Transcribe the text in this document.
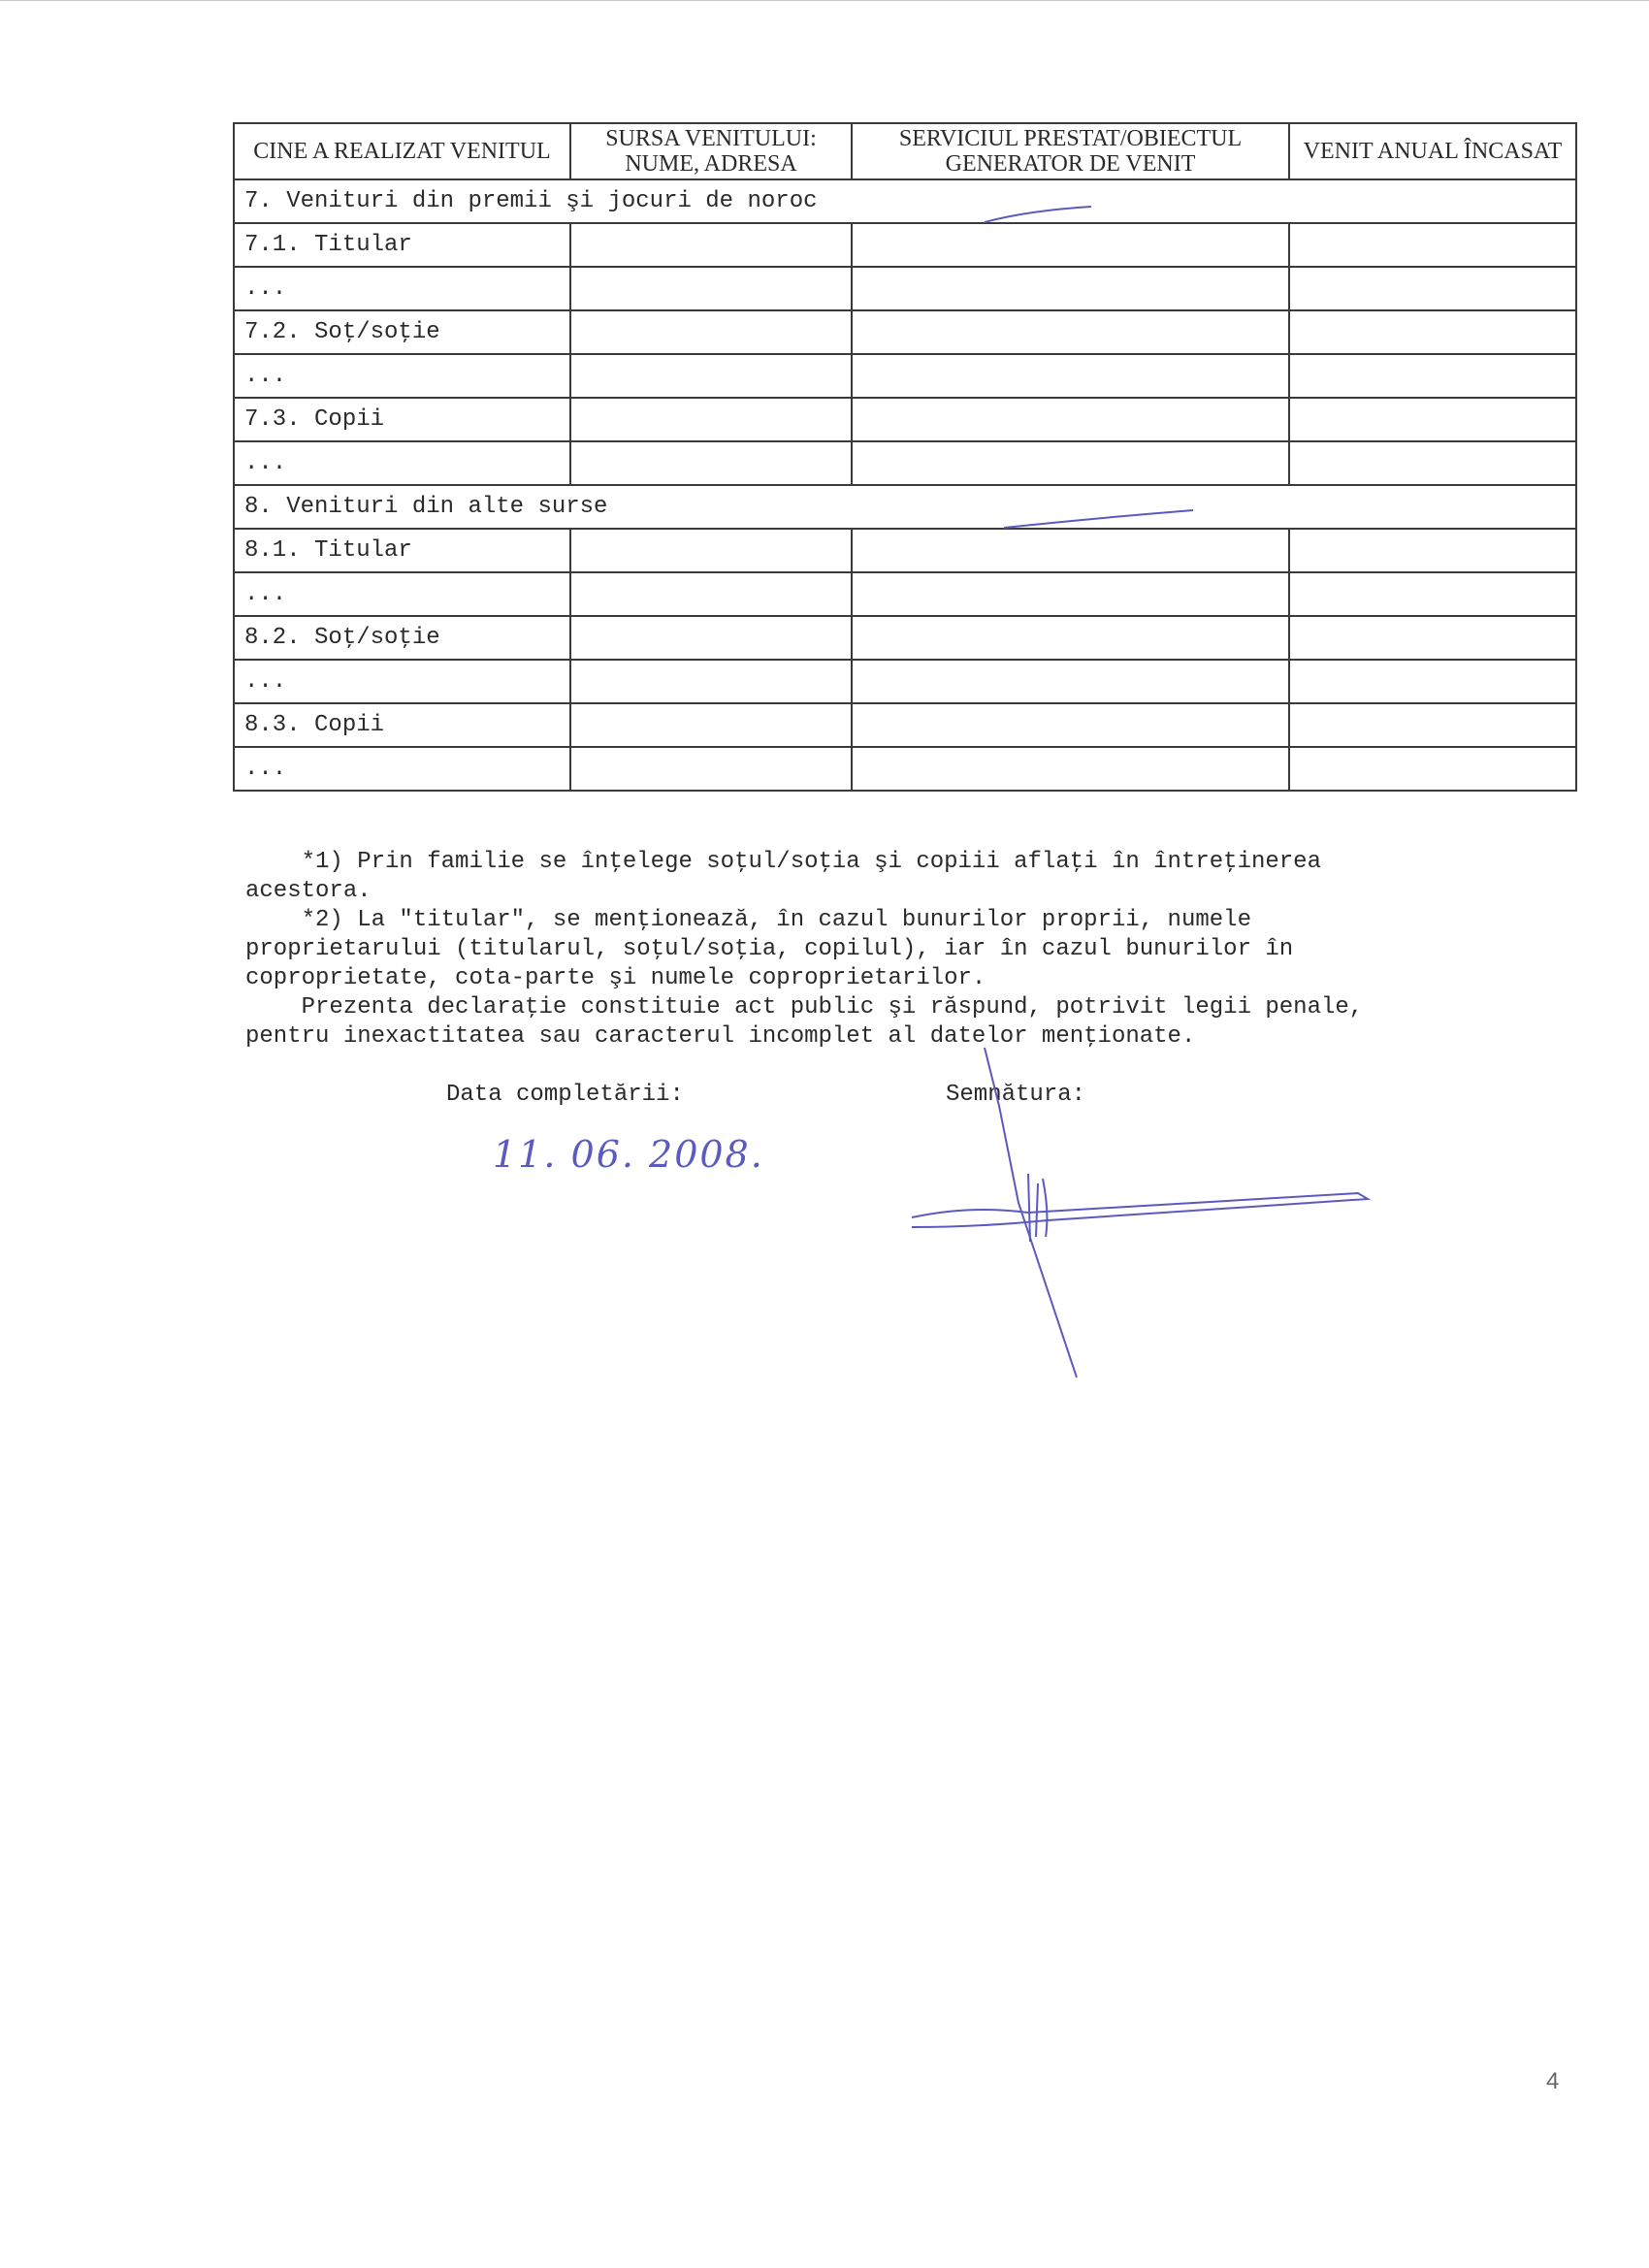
CINE A REALIZAT VENITUL	SURSA VENITULUI: NUME, ADRESA	SERVICIUL PRESTAT/OBIECTUL GENERATOR DE VENIT	VENIT ANUAL ÎNCASAT
7. Venituri din premii şi jocuri de noroc			
7.1. Titular			
...			
7.2. Soţ/soţie			
...			
7.3. Copii			
...			
8. Venituri din alte surse			
8.1. Titular			
...			
8.2. Soţ/soţie			
...			
8.3. Copii			
...			
*1) Prin familie se înţelege soţul/soţia şi copiii aflaţi în întreţinerea
acestora.
*2) La "titular", se menţionează, în cazul bunurilor proprii, numele
proprietarului (titularul, soţul/soţia, copilul), iar în cazul bunurilor în
coproprietate, cota-parte şi numele coproprietarilor.
Prezenta declaraţie constituie act public şi răspund, potrivit legii penale,
pentru inexactitatea sau caracterul incomplet al datelor menţionate.
Data completării:	Semnătura:
11. 06. 2008.
4
